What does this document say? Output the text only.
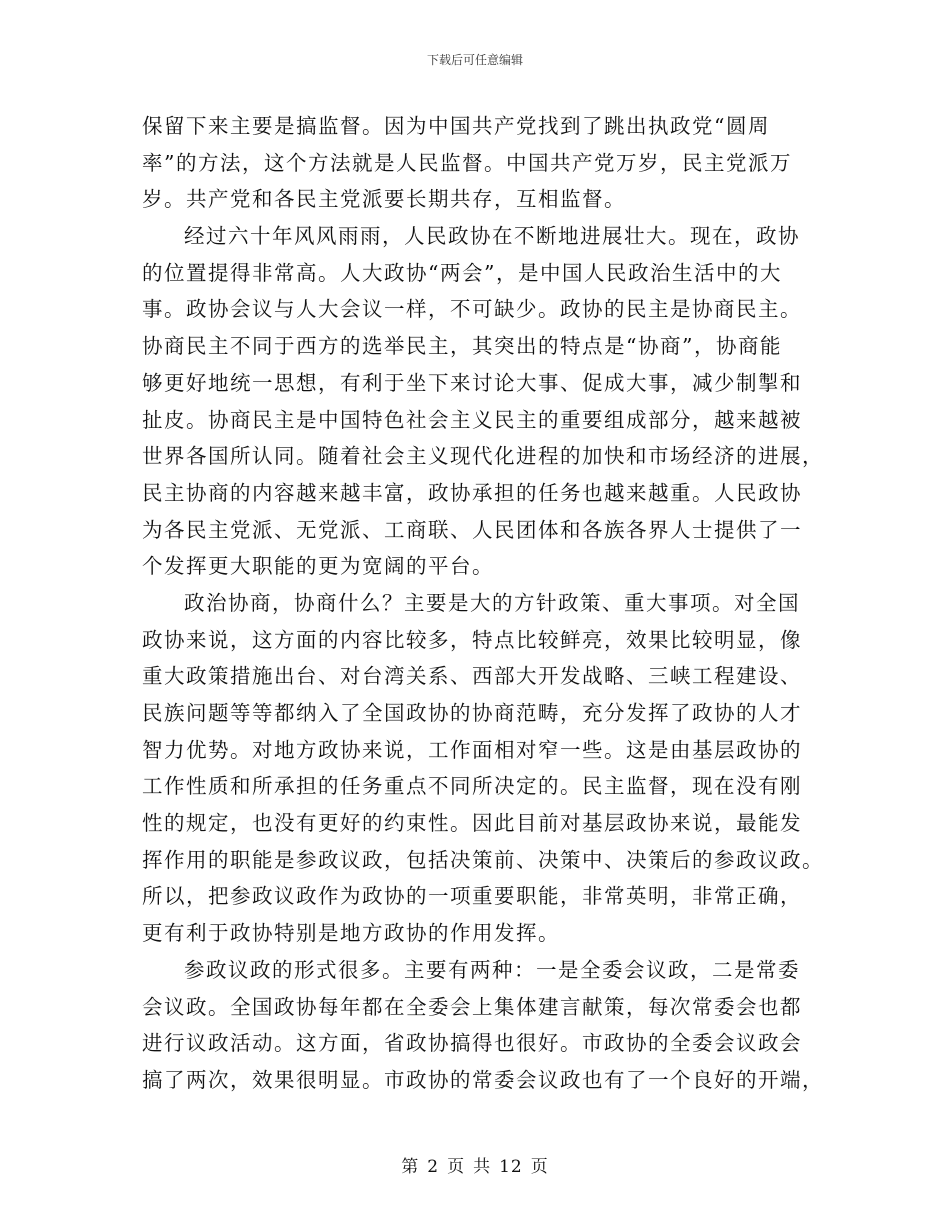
下载后可任意编辑
保留下来主要是搞监督。因为中国共产党找到了跳出执政党“圆周
率”的方法，这个方法就是人民监督。中国共产党万岁，民主党派万
岁。共产党和各民主党派要长期共存，互相监督。
经过六十年风风雨雨，人民政协在不断地进展壮大。现在，政协
的位置提得非常高。人大政协“两会”，是中国人民政治生活中的大
事。政协会议与人大会议一样，不可缺少。政协的民主是协商民主。
协商民主不同于西方的选举民主，其突出的特点是“协商”，协商能
够更好地统一思想，有利于坐下来讨论大事、促成大事，减少制掣和
扯皮。协商民主是中国特色社会主义民主的重要组成部分，越来越被
世界各国所认同。随着社会主义现代化进程的加快和市场经济的进展，
民主协商的内容越来越丰富，政协承担的任务也越来越重。人民政协
为各民主党派、无党派、工商联、人民团体和各族各界人士提供了一
个发挥更大职能的更为宽阔的平台。
政治协商，协商什么？主要是大的方针政策、重大事项。对全国
政协来说，这方面的内容比较多，特点比较鲜亮，效果比较明显，像
重大政策措施出台、对台湾关系、西部大开发战略、三峡工程建设、
民族问题等等都纳入了全国政协的协商范畴，充分发挥了政协的人才
智力优势。对地方政协来说，工作面相对窄一些。这是由基层政协的
工作性质和所承担的任务重点不同所决定的。民主监督，现在没有刚
性的规定，也没有更好的约束性。因此目前对基层政协来说，最能发
挥作用的职能是参政议政，包括决策前、决策中、决策后的参政议政。
所以，把参政议政作为政协的一项重要职能，非常英明，非常正确，
更有利于政协特别是地方政协的作用发挥。
参政议政的形式很多。主要有两种：一是全委会议政，二是常委
会议政。全国政协每年都在全委会上集体建言献策，每次常委会也都
进行议政活动。这方面，省政协搞得也很好。市政协的全委会议政会
搞了两次，效果很明显。市政协的常委会议政也有了一个良好的开端，
第 2 页 共 12 页
